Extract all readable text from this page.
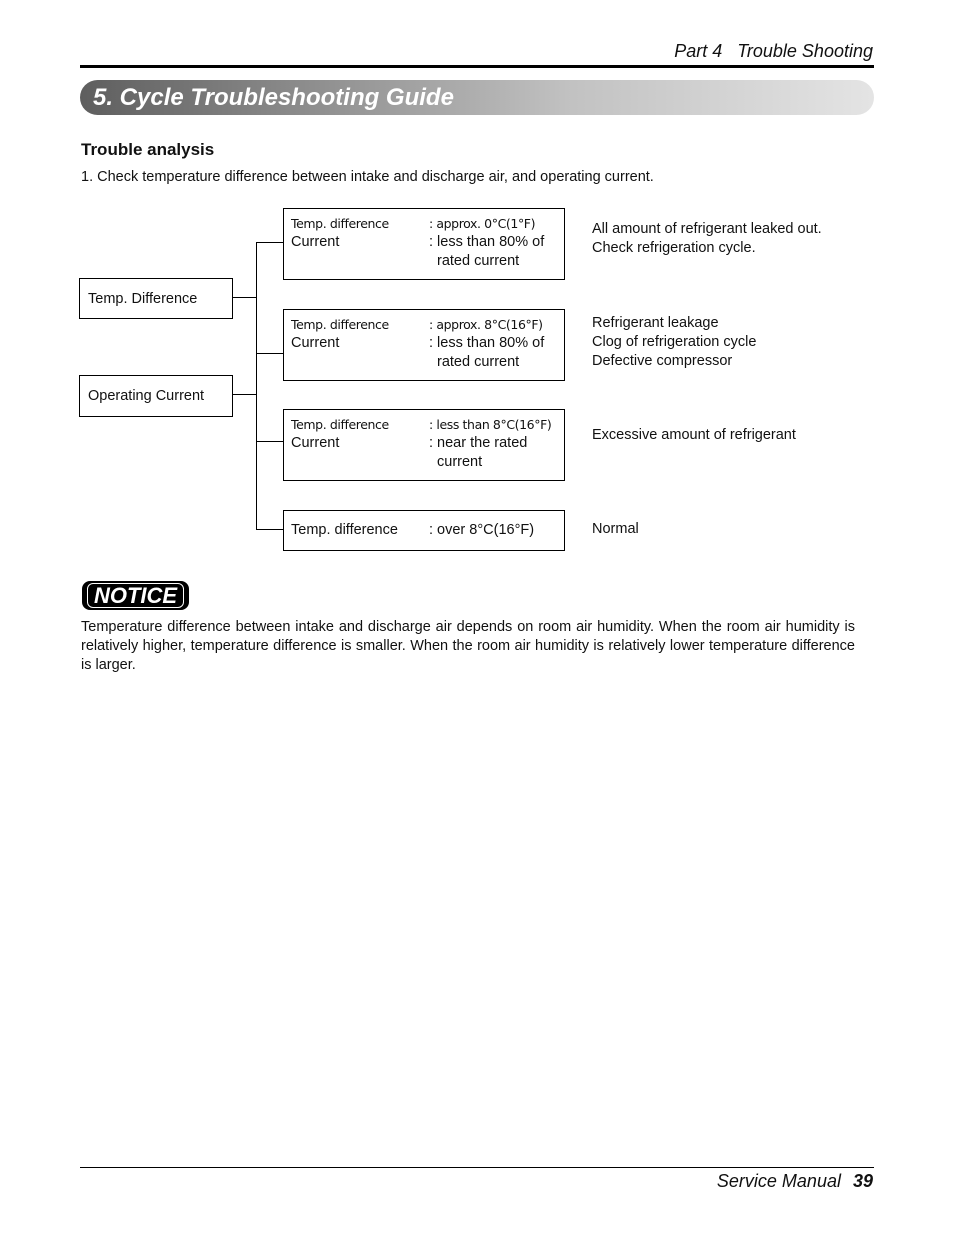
Part 4 Trouble Shooting
5. Cycle Troubleshooting Guide
Trouble analysis
1. Check temperature difference between intake and discharge air, and operating current.
Temp. Difference
Operating Current
Temp. difference	: approx. 0°C(1°F)
Current	: less than 80% of
rated current
Temp. difference	: approx. 8°C(16°F)
Current	: less than 80% of
rated current
Temp. difference	: less than 8°C(16°F)
Current	: near the rated
current
Temp. difference	: over 8°C(16°F)
All amount of refrigerant leaked out.
Check refrigeration cycle.
Refrigerant leakage
Clog of refrigeration cycle
Defective compressor
Excessive amount of refrigerant
Normal
NOTICE
Temperature difference between intake and discharge air depends on room air humidity. When the room air humidity is relatively higher, temperature difference is smaller. When the room air humidity is relatively lower temperature difference is larger.
Service Manual 39
